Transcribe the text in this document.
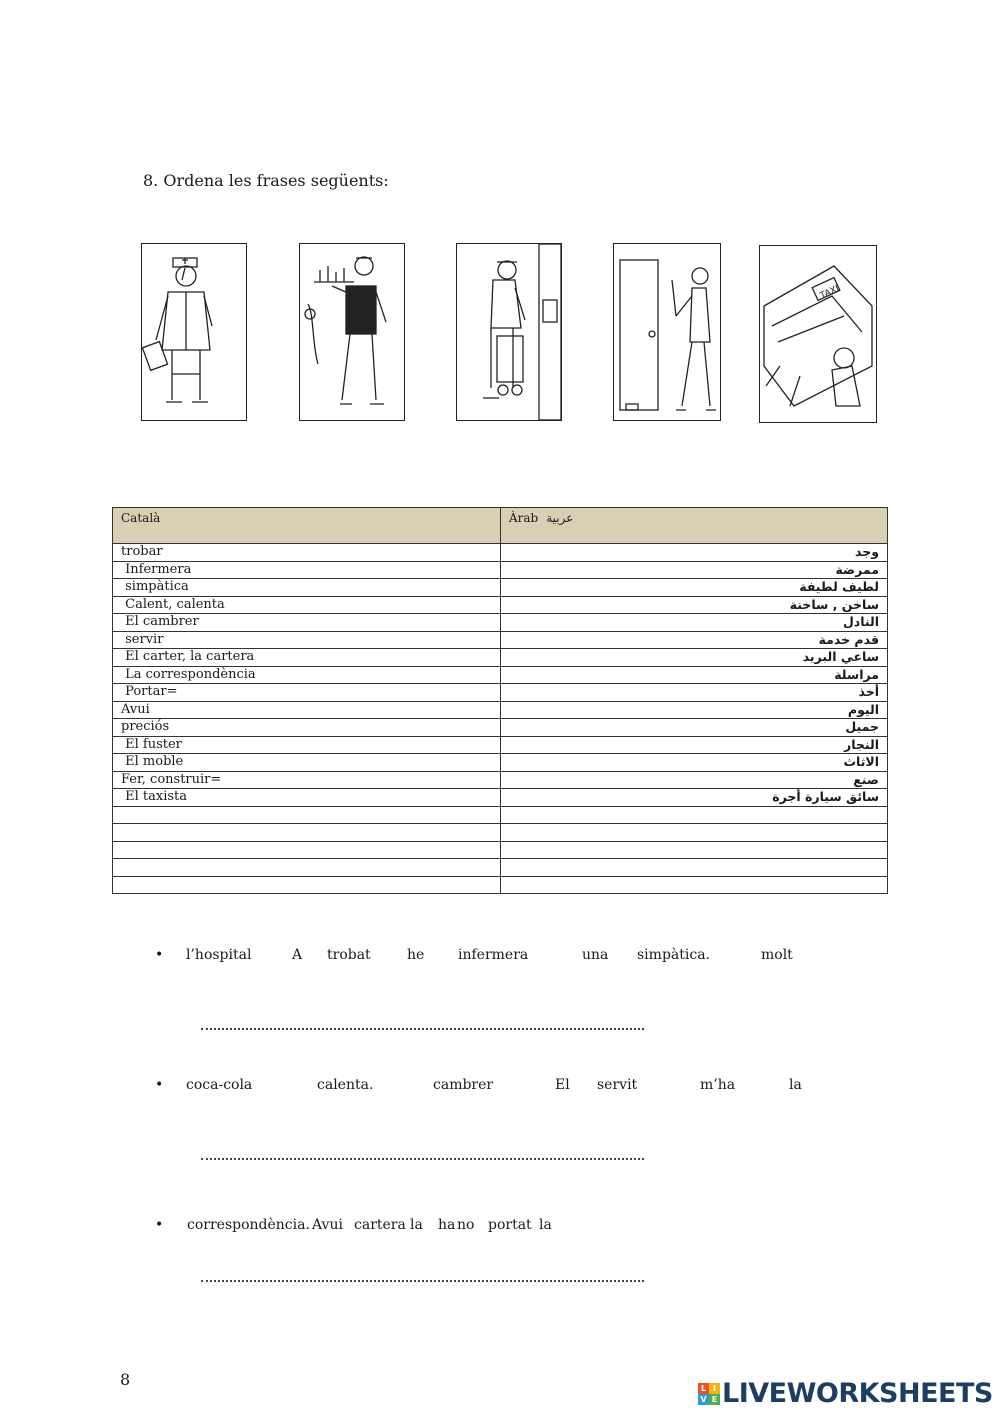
8. Ordena les frases següents:
TAXI
Català	Àrab عربية
trobar	وجد
Infermera	ممرضة
simpàtica	لطيف لطيفة
Calent, calenta	ساخن , ساخنة
El cambrer	النادل
servir	قدم خدمة
El carter, la cartera	ساعي البريد
La correspondència	مراسلة
Portar=	أخذ
Avui	اليوم
preciós	جميل
El fuster	النجار
El moble	الاثاث
Fer, construir=	صنع
El taxista	سائق سيارة أجرة

• l’hospital	A trobat	he infermera	una simpàtica.	molt
• coca-cola	calenta.	cambrer	El servit	m’ha	la
• correspondència. Avui cartera la ha no portat la
8	L I
V E LIVEWORKSHEETS
